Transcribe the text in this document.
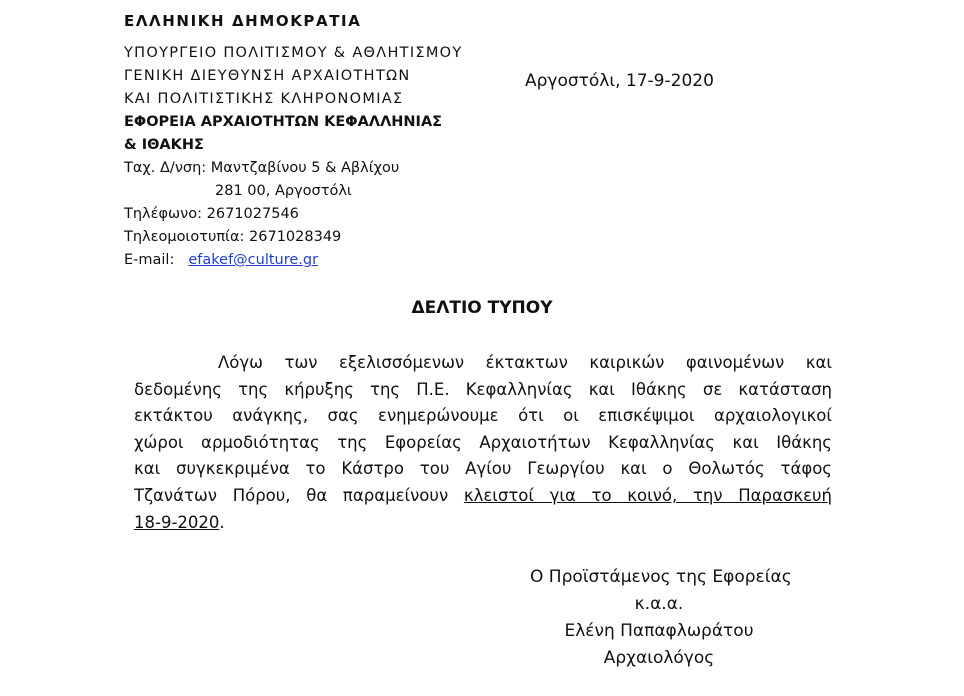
ΕΛΛΗΝΙΚΗ ΔΗΜΟΚΡΑΤΙΑ
ΥΠΟΥΡΓΕΙΟ ΠΟΛΙΤΙΣΜΟΥ & ΑΘΛΗΤΙΣΜΟΥ
ΓΕΝΙΚΗ ΔΙΕΥΘΥΝΣΗ ΑΡΧΑΙΟΤΗΤΩΝ
ΚΑΙ ΠΟΛΙΤΙΣΤΙΚΗΣ ΚΛΗΡΟΝΟΜΙΑΣ
ΕΦΟΡΕΙΑ ΑΡΧΑΙΟΤΗΤΩΝ ΚΕΦΑΛΛΗΝΙΑΣ
& ΙΘΑΚΗΣ
Ταχ. Δ/νση: Μαντζαβίνου 5 & Αβλίχου
281 00, Αργοστόλι
Τηλέφωνο: 2671027546
Τηλεομοιοτυπία: 2671028349
E-mail: efakef@culture.gr
Αργοστόλι, 17-9-2020
ΔΕΛΤΙΟ ΤΥΠΟΥ
Λόγω των εξελισσόμενων έκτακτων καιρικών φαινομένων και
δεδομένης της κήρυξης της Π.Ε. Κεφαλληνίας και Ιθάκης σε κατάσταση
εκτάκτου ανάγκης, σας ενημερώνουμε ότι οι επισκέψιμοι αρχαιολογικοί
χώροι αρμοδιότητας της Εφορείας Αρχαιοτήτων Κεφαλληνίας και Ιθάκης
και συγκεκριμένα το Κάστρο του Αγίου Γεωργίου και ο Θολωτός τάφος
Τζανάτων Πόρου, θα παραμείνουν κλειστοί για το κοινό, την Παρασκευή
18-9-2020.
Ο Προϊστάμενος της Εφορείας
κ.α.α.
Ελένη Παπαφλωράτου
Αρχαιολόγος
